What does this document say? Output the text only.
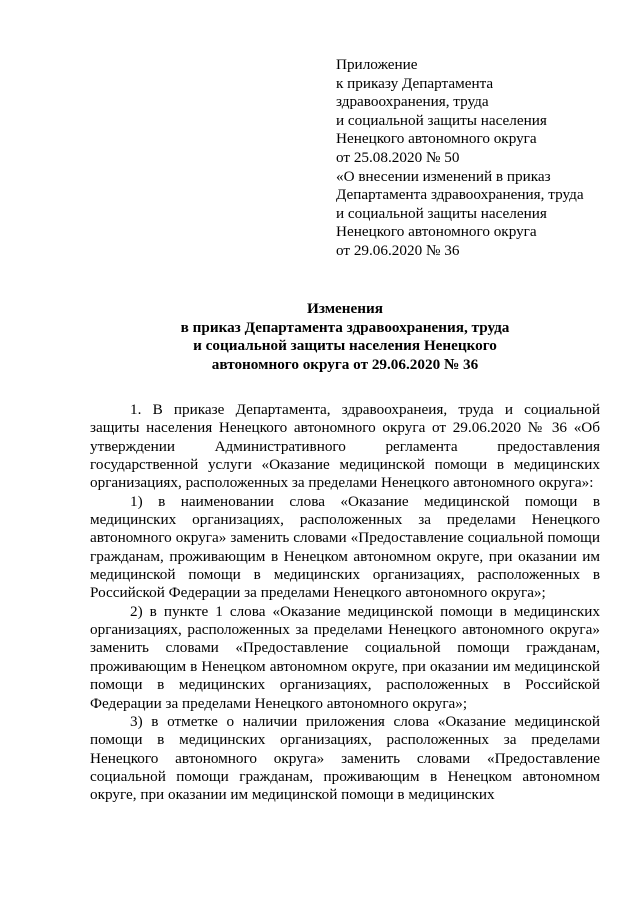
Приложение
к приказу Департамента
здравоохранения, труда
и социальной защиты населения
Ненецкого автономного округа
от 25.08.2020 № 50
«О внесении изменений в приказ
Департамента здравоохранения, труда
и социальной защиты населения
Ненецкого автономного округа
от 29.06.2020 № 36
Изменения
в приказ Департамента здравоохранения, труда
и социальной защиты населения Ненецкого
автономного округа от 29.06.2020 № 36

1. В приказе Департамента, здравоохранеия, труда и социальной защиты населения Ненецкого автономного округа от 29.06.2020 № 36 «Об утверждении Административного регламента предоставления государственной услуги «Оказание медицинской помощи в медицинских организациях, расположенных за пределами Ненецкого автономного округа»:

1) в наименовании слова «Оказание медицинской помощи в медицинских организациях, расположенных за пределами Ненецкого автономного округа» заменить словами «Предоставление социальной помощи гражданам, проживающим в Ненецком автономном округе, при оказании им медицинской помощи в медицинских организациях, расположенных в Российской Федерации за пределами Ненецкого автономного округа»;

2) в пункте 1 слова «Оказание медицинской помощи в медицинских организациях, расположенных за пределами Ненецкого автономного округа» заменить словами «Предоставление социальной помощи гражданам, проживающим в Ненецком автономном округе, при оказании им медицинской помощи в медицинских организациях, расположенных в Российской Федерации за пределами Ненецкого автономного округа»;

3) в отметке о наличии приложения слова «Оказание медицинской помощи в медицинских организациях, расположенных за пределами Ненецкого автономного округа» заменить словами «Предоставление социальной помощи гражданам, проживающим в Ненецком автономном округе, при оказании им медицинской помощи в медицинских
